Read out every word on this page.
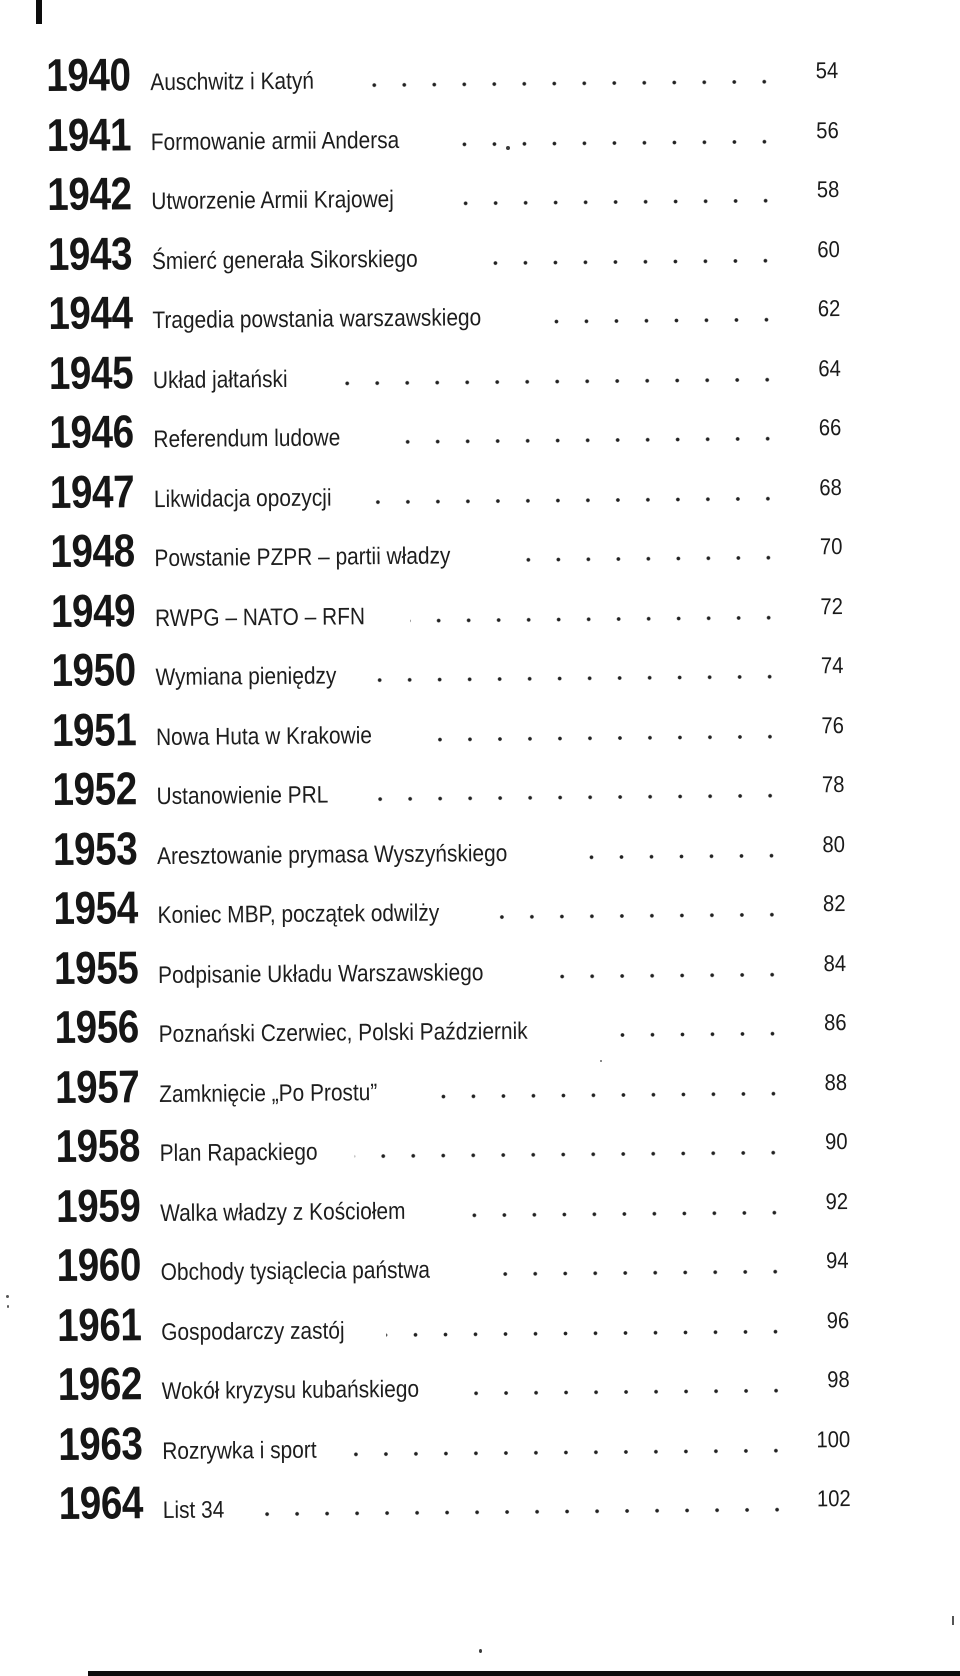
1940 Auschwitz i Katyń	54
1941 Formowanie armii Andersa	56
1942 Utworzenie Armii Krajowej	58
1943 Śmierć generała Sikorskiego	60
1944 Tragedia powstania warszawskiego	62
1945 Układ jałtański	64
1946 Referendum ludowe	66
1947 Likwidacja opozycji	68
1948 Powstanie PZPR – partii władzy	70
1949 RWPG – NATO – RFN	72
1950 Wymiana pieniędzy	74
1951 Nowa Huta w Krakowie	76
1952 Ustanowienie PRL	78
1953 Aresztowanie prymasa Wyszyńskiego	80
1954 Koniec MBP, początek odwilży	82
1955 Podpisanie Układu Warszawskiego	84
1956 Poznański Czerwiec, Polski Październik	86
1957 Zamknięcie „Po Prostu”	88
1958 Plan Rapackiego	90
1959 Walka władzy z Kościołem	92
1960 Obchody tysiąclecia państwa	94
1961 Gospodarczy zastój	96
1962 Wokół kryzysu kubańskiego	98
1963 Rozrywka i sport	100
1964 List 34	102
